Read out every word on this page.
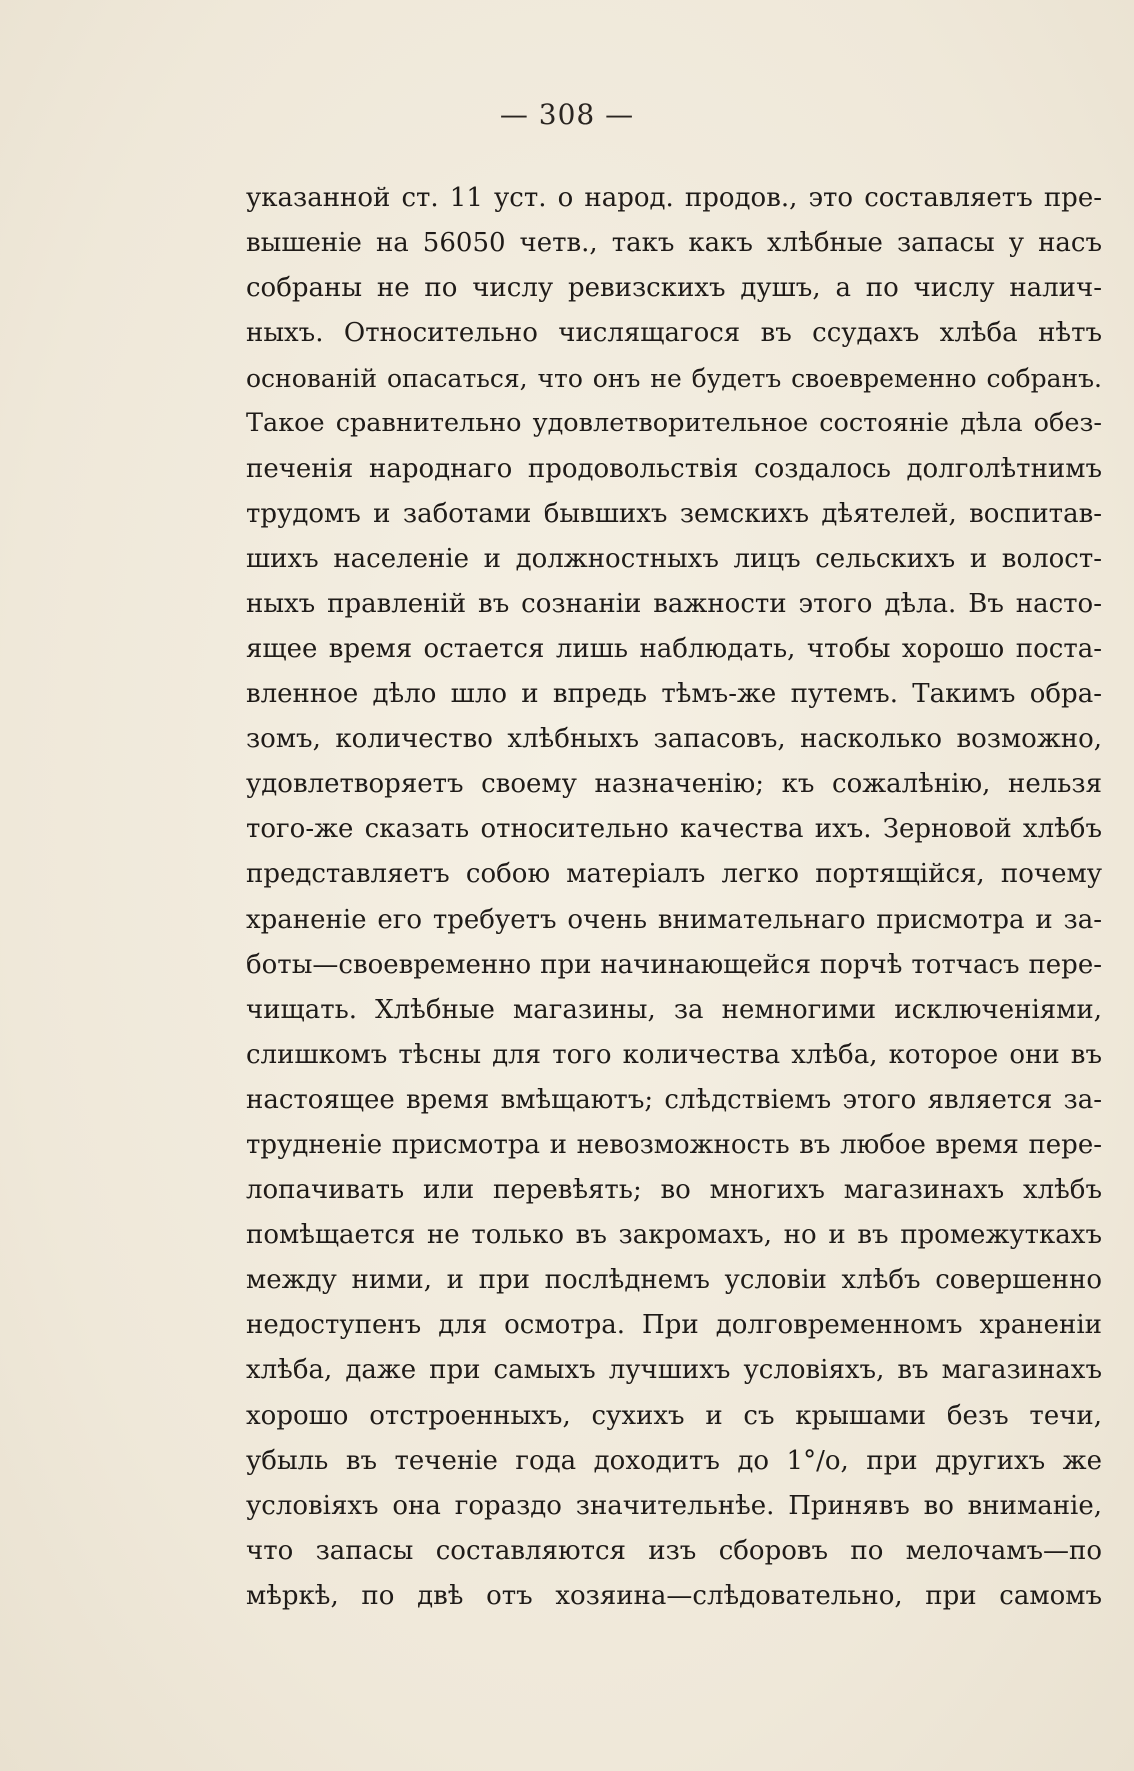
— 308 —
указанной ст. 11 уст. о народ. продов., это составляетъ пре-
вышеніе на 56050 четв., такъ какъ хлѣбные запасы у насъ
собраны не по числу ревизскихъ душъ, а по числу налич-
ныхъ. Относительно числящагося въ ссудахъ хлѣба нѣтъ
основаній опасаться, что онъ не будетъ своевременно собранъ.
Такое сравнительно удовлетворительное состояніе дѣла обез-
печенія народнаго продовольствія создалось долголѣтнимъ
трудомъ и заботами бывшихъ земскихъ дѣятелей, воспитав-
шихъ населеніе и должностныхъ лицъ сельскихъ и волост-
ныхъ правленій въ сознаніи важности этого дѣла. Въ насто-
ящее время остается лишь наблюдать, чтобы хорошо поста-
вленное дѣло шло и впредь тѣмъ-же путемъ. Такимъ обра-
зомъ, количество хлѣбныхъ запасовъ, насколько возможно,
удовлетворяетъ своему назначенію; къ сожалѣнію, нельзя
того-же сказать относительно качества ихъ. Зерновой хлѣбъ
представляетъ собою матеріалъ легко портящійся, почему
храненіе его требуетъ очень внимательнаго присмотра и за-
боты—своевременно при начинающейся порчѣ тотчасъ пере-
чищать. Хлѣбные магазины, за немногими исключеніями,
слишкомъ тѣсны для того количества хлѣба, которое они въ
настоящее время вмѣщаютъ; слѣдствіемъ этого является за-
трудненіе присмотра и невозможность въ любое время пере-
лопачивать или перевѣять; во многихъ магазинахъ хлѣбъ
помѣщается не только въ закромахъ, но и въ промежуткахъ
между ними, и при послѣднемъ условіи хлѣбъ совершенно
недоступенъ для осмотра. При долговременномъ храненіи
хлѣба, даже при самыхъ лучшихъ условіяхъ, въ магазинахъ
хорошо отстроенныхъ, сухихъ и съ крышами безъ течи,
убыль въ теченіе года доходитъ до 1°/o, при другихъ же
условіяхъ она гораздо значительнѣе. Принявъ во вниманіе,
что запасы составляются изъ сборовъ по мелочамъ—по
мѣркѣ, по двѣ отъ хозяина—слѣдовательно, при самомъ
